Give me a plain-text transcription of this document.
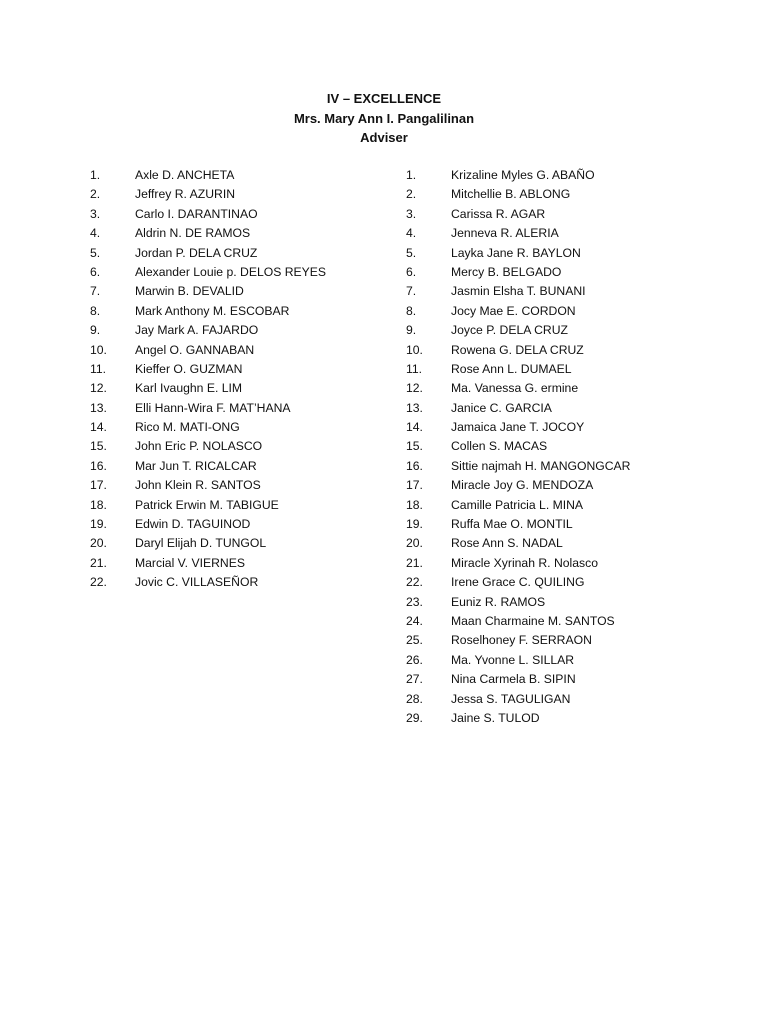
IV – EXCELLENCE
Mrs. Mary Ann I. Pangalilinan
Adviser
1.	Axle D. ANCHETA
2.	Jeffrey R. AZURIN
3.	Carlo I. DARANTINAO
4.	Aldrin N. DE RAMOS
5.	Jordan P. DELA CRUZ
6.	Alexander Louie p. DELOS REYES
7.	Marwin B. DEVALID
8.	Mark Anthony M. ESCOBAR
9.	Jay Mark A. FAJARDO
10.	Angel O. GANNABAN
11.	Kieffer O. GUZMAN
12.	Karl Ivaughn E. LIM
13.	Elli Hann-Wira F. MAT’HANA
14.	Rico M. MATI-ONG
15.	John Eric P. NOLASCO
16.	Mar Jun T. RICALCAR
17.	John Klein R. SANTOS
18.	Patrick Erwin M. TABIGUE
19.	Edwin D. TAGUINOD
20.	Daryl Elijah D. TUNGOL
21.	Marcial V. VIERNES
22.	Jovic C. VILLASEÑOR
1.	Krizaline Myles G. ABAÑO
2.	Mitchellie B. ABLONG
3.	Carissa R. AGAR
4.	Jenneva R. ALERIA
5.	Layka Jane R. BAYLON
6.	Mercy B. BELGADO
7.	Jasmin Elsha T. BUNANI
8.	Jocy Mae E. CORDON
9.	Joyce P. DELA CRUZ
10.	Rowena G. DELA CRUZ
11.	Rose Ann L. DUMAEL
12.	Ma. Vanessa G. ermine
13.	Janice C. GARCIA
14.	Jamaica Jane T. JOCOY
15.	Collen S. MACAS
16.	Sittie najmah H. MANGONGCAR
17.	Miracle Joy G. MENDOZA
18.	Camille Patricia L. MINA
19.	Ruffa Mae O. MONTIL
20.	Rose Ann S. NADAL
21.	Miracle Xyrinah R. Nolasco
22.	Irene Grace C. QUILING
23.	Euniz R. RAMOS
24.	Maan Charmaine M. SANTOS
25.	Roselhoney F. SERRAON
26.	Ma. Yvonne L. SILLAR
27.	Nina Carmela B. SIPIN
28.	Jessa S. TAGULIGAN
29.	Jaine S. TULOD
